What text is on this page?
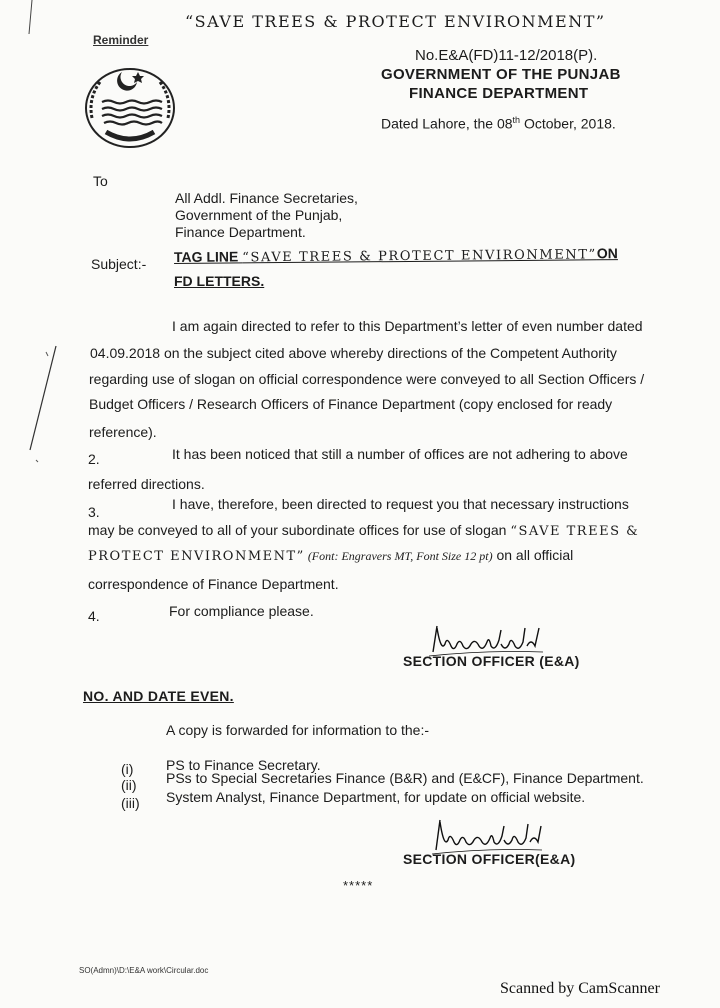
“SAVE TREES & PROTECT ENVIRONMENT”
Reminder
No.E&A(FD)11-12/2018(P).
GOVERNMENT OF THE PUNJAB
FINANCE DEPARTMENT
Dated Lahore, the 08th October, 2018.
To
All Addl. Finance Secretaries,
Government of the Punjab,
Finance Department.
Subject:- TAG LINE “SAVE TREES & PROTECT ENVIRONMENT”ON
FD LETTERS.
I am again directed to refer to this Department’s letter of even number dated
04.09.2018 on the subject cited above whereby directions of the Competent Authority
regarding use of slogan on official correspondence were conveyed to all Section Officers /
Budget Officers / Research Officers of Finance Department (copy enclosed for ready
reference).
2.	It has been noticed that still a number of offices are not adhering to above
referred directions.
3.	I have, therefore, been directed to request you that necessary instructions
may be conveyed to all of your subordinate offices for use of slogan “SAVE TREES &
PROTECT ENVIRONMENT” (Font: Engravers MT, Font Size 12 pt) on all official
correspondence of Finance Department.
4.	For compliance please.
SECTION OFFICER (E&A)
NO. AND DATE EVEN.
A copy is forwarded for information to the:-
(i) PS to Finance Secretary.
(ii) PSs to Special Secretaries Finance (B&R) and (E&CF), Finance Department.
(iii) System Analyst, Finance Department, for update on official website.
SECTION OFFICER(E&A)
*****
SO(Admn)\D:\E&A work\Circular.doc
Scanned by CamScanner
